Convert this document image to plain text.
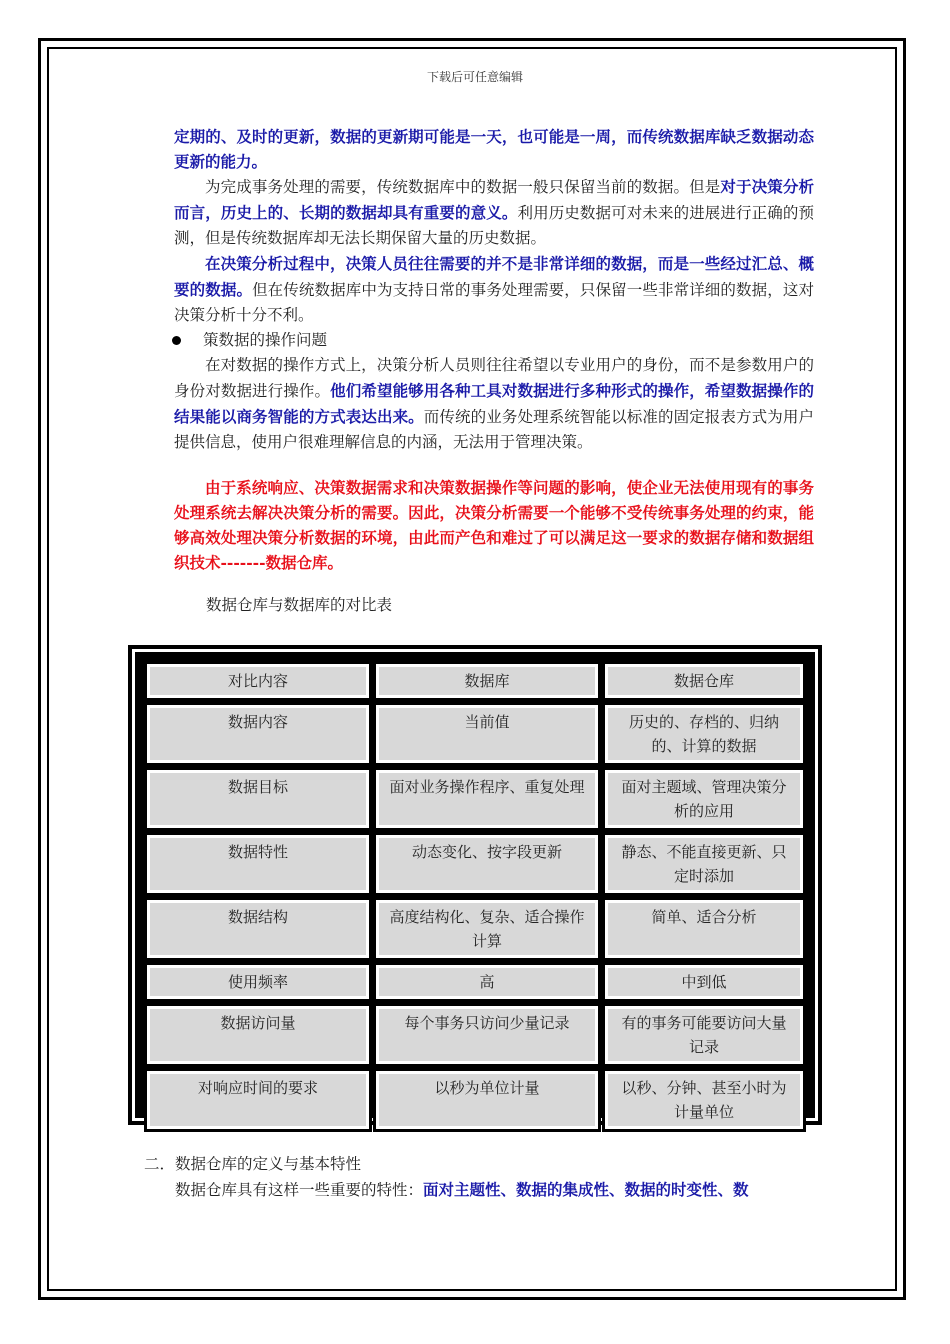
下载后可任意编辑

定期的、及时的更新，数据的更新期可能是一天，也可能是一周，而传统数据库缺乏数据动态更新的能力。

为完成事务处理的需要，传统数据库中的数据一般只保留当前的数据。但是对于决策分析而言，历史上的、长期的数据却具有重要的意义。利用历史数据可对未来的进展进行正确的预测，但是传统数据库却无法长期保留大量的历史数据。

在决策分析过程中，决策人员往往需要的并不是非常详细的数据，而是一些经过汇总、概要的数据。但在传统数据库中为支持日常的事务处理需要，只保留一些非常详细的数据，这对决策分析十分不利。

策数据的操作问题

在对数据的操作方式上，决策分析人员则往往希望以专业用户的身份，而不是参数用户的身份对数据进行操作。他们希望能够用各种工具对数据进行多种形式的操作，希望数据操作的结果能以商务智能的方式表达出来。而传统的业务处理系统智能以标准的固定报表方式为用户提供信息，使用户很难理解信息的内涵，无法用于管理决策。

由于系统响应、决策数据需求和决策数据操作等问题的影响，使企业无法使用现有的事务处理系统去解决决策分析的需要。因此，决策分析需要一个能够不受传统事务处理的约束，能够高效处理决策分析数据的环境，由此而产色和难过了可以满足这一要求的数据存储和数据组织技术-------数据仓库。

数据仓库与数据库的对比表

对比内容	数据库	数据仓库
数据内容	当前值	历史的、存档的、归纳的、计算的数据
数据目标	面对业务操作程序、重复处理	面对主题域、管理决策分析的应用
数据特性	动态变化、按字段更新	静态、不能直接更新、只定时添加
数据结构	高度结构化、复杂、适合操作计算	简单、适合分析
使用频率	高	中到低
数据访问量	每个事务只访问少量记录	有的事务可能要访问大量记录
对响应时间的要求	以秒为单位计量	以秒、分钟、甚至小时为计量单位
二．数据仓库的定义与基本特性
数据仓库具有这样一些重要的特性：面对主题性、数据的集成性、数据的时变性、数
